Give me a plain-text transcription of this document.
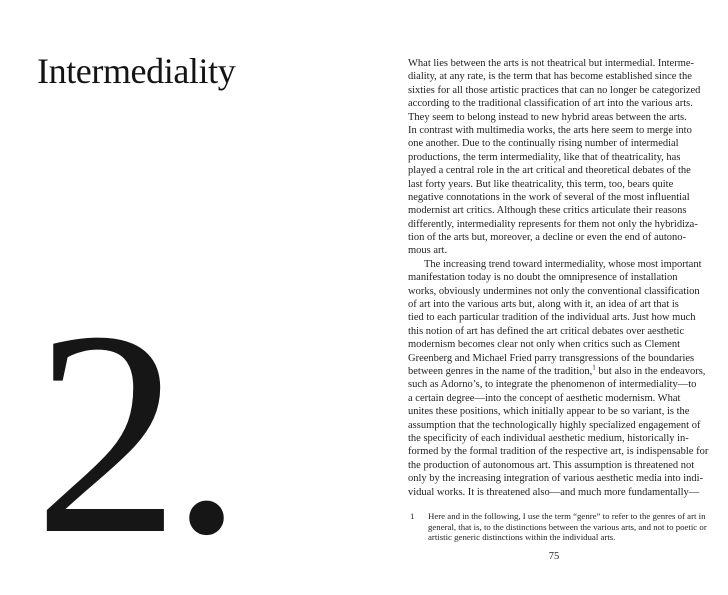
Intermediality
2.
What lies between the arts is not theatrical but intermedial. Interme-
diality, at any rate, is the term that has become established since the
sixties for all those artistic practices that can no longer be categorized
according to the traditional classification of art into the various arts.
They seem to belong instead to new hybrid areas between the arts.
In contrast with multimedia works, the arts here seem to merge into
one another. Due to the continually rising number of intermedial
productions, the term intermediality, like that of theatricality, has
played a central role in the art critical and theoretical debates of the
last forty years. But like theatricality, this term, too, bears quite
negative connotations in the work of several of the most influential
modernist art critics. Although these critics articulate their reasons
differently, intermediality represents for them not only the hybridiza-
tion of the arts but, moreover, a decline or even the end of autono-
mous art.
The increasing trend toward intermediality, whose most important
manifestation today is no doubt the omnipresence of installation
works, obviously undermines not only the conventional classification
of art into the various arts but, along with it, an idea of art that is
tied to each particular tradition of the individual arts. Just how much
this notion of art has defined the art critical debates over aesthetic
modernism becomes clear not only when critics such as Clement
Greenberg and Michael Fried parry transgressions of the boundaries
between genres in the name of the tradition,$^1$ but also in the endeavors,
such as Adorno’s, to integrate the phenomenon of intermediality—to
a certain degree—into the concept of aesthetic modernism. What
unites these positions, which initially appear to be so variant, is the
assumption that the technologically highly specialized engagement of
the specificity of each individual aesthetic medium, historically in-
formed by the formal tradition of the respective art, is indispensable for
the production of autonomous art. This assumption is threatened not
only by the increasing integration of various aesthetic media into indi-
vidual works. It is threatened also—and much more fundamentally—
1 Here and in the following, I use the term “genre” to refer to the genres of art in
general, that is, to the distinctions between the various arts, and not to poetic or
artistic generic distinctions within the individual arts.
75
